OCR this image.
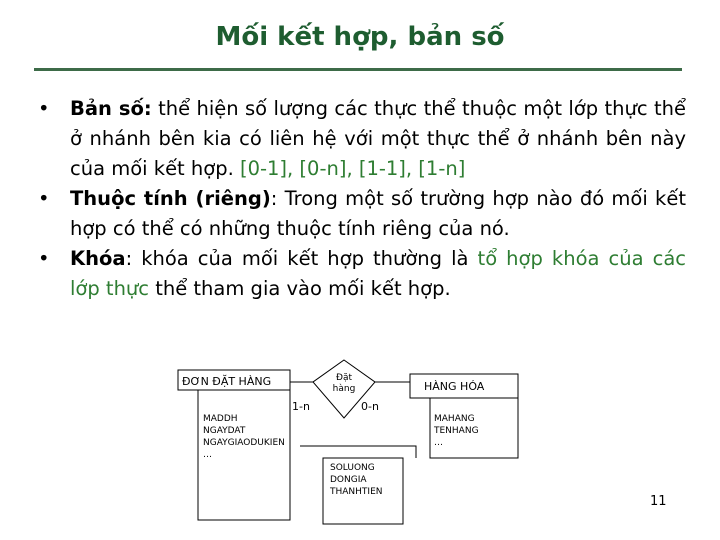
Mối kết hợp, bản số
• Bản số: thể hiện số lượng các thực thể thuộc một lớp thực thể ở nhánh bên kia có liên hệ với một thực thể ở nhánh bên này của mối kết hợp. [0-1], [0-n], [1-1], [1-n]
• Thuộc tính (riêng): Trong một số trường hợp nào đó mối kết hợp có thể có những thuộc tính riêng của nó.
• Khóa: khóa của mối kết hợp thường là tổ hợp khóa của các lớp thực thể tham gia vào mối kết hợp.
ĐƠN ĐẶT HÀNG
MADDH
NGAYDAT
NGAYGIAODUKIEN
…
Đặt
hàng
1-n	0-n
HÀNG HÓA
MAHANG
TENHANG
…
SOLUONG
DONGIA
THANHTIEN
11
